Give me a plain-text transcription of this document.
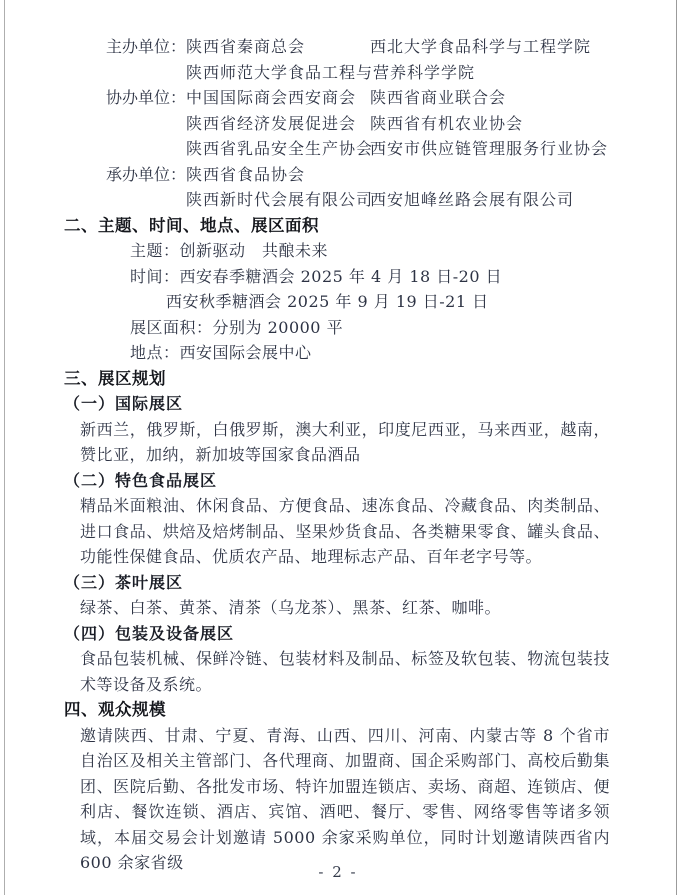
主办单位： 陕西省秦商总会	西北大学食品科学与工程学院
陕西师范大学食品工程与营养科学学院
协办单位： 中国国际商会西安商会 陕西省商业联合会
陕西省经济发展促进会 陕西省有机农业协会
陕西省乳品安全生产协会
西安市供应链管理服务行业协会
承办单位： 陕西省食品协会
陕西新时代会展有限公司
西安旭峰丝路会展有限公司
二、主题、时间、地点、展区面积
主题：创新驱动　共酿未来
时间：西安春季糖酒会 2025 年 4 月 18 日-20 日
西安秋季糖酒会 2025 年 9 月 19 日-21 日
展区面积：分别为 20000 平
地点：西安国际会展中心
三、展区规划
（一）国际展区

新西兰，俄罗斯，白俄罗斯，澳大利亚，印度尼西亚，马来西亚，越南，赞比亚，加纳，新加坡等国家食品酒品

（二）特色食品展区

精品米面粮油、休闲食品、方便食品、速冻食品、冷藏食品、肉类制品、进口食品、烘焙及焙烤制品、坚果炒货食品、各类糖果零食、罐头食品、功能性保健食品、优质农产品、地理标志产品、百年老字号等。

（三）茶叶展区

绿茶、白茶、黄茶、清茶（乌龙茶）、黑茶、红茶、咖啡。

（四）包装及设备展区

食品包装机械、保鲜冷链、包装材料及制品、标签及软包装、物流包装技术等设备及系统。

四、观众规模

邀请陕西、甘肃、宁夏、青海、山西、四川、河南、内蒙古等 8 个省市自治区及相关主管部门、各代理商、加盟商、国企采购部门、高校后勤集团、医院后勤、各批发市场、特许加盟连锁店、卖场、商超、连锁店、便利店、餐饮连锁、酒店、宾馆、酒吧、餐厅、零售、网络零售等诸多领域，本届交易会计划邀请 5000 余家采购单位，同时计划邀请陕西省内 600 余家省级	- 2 -
